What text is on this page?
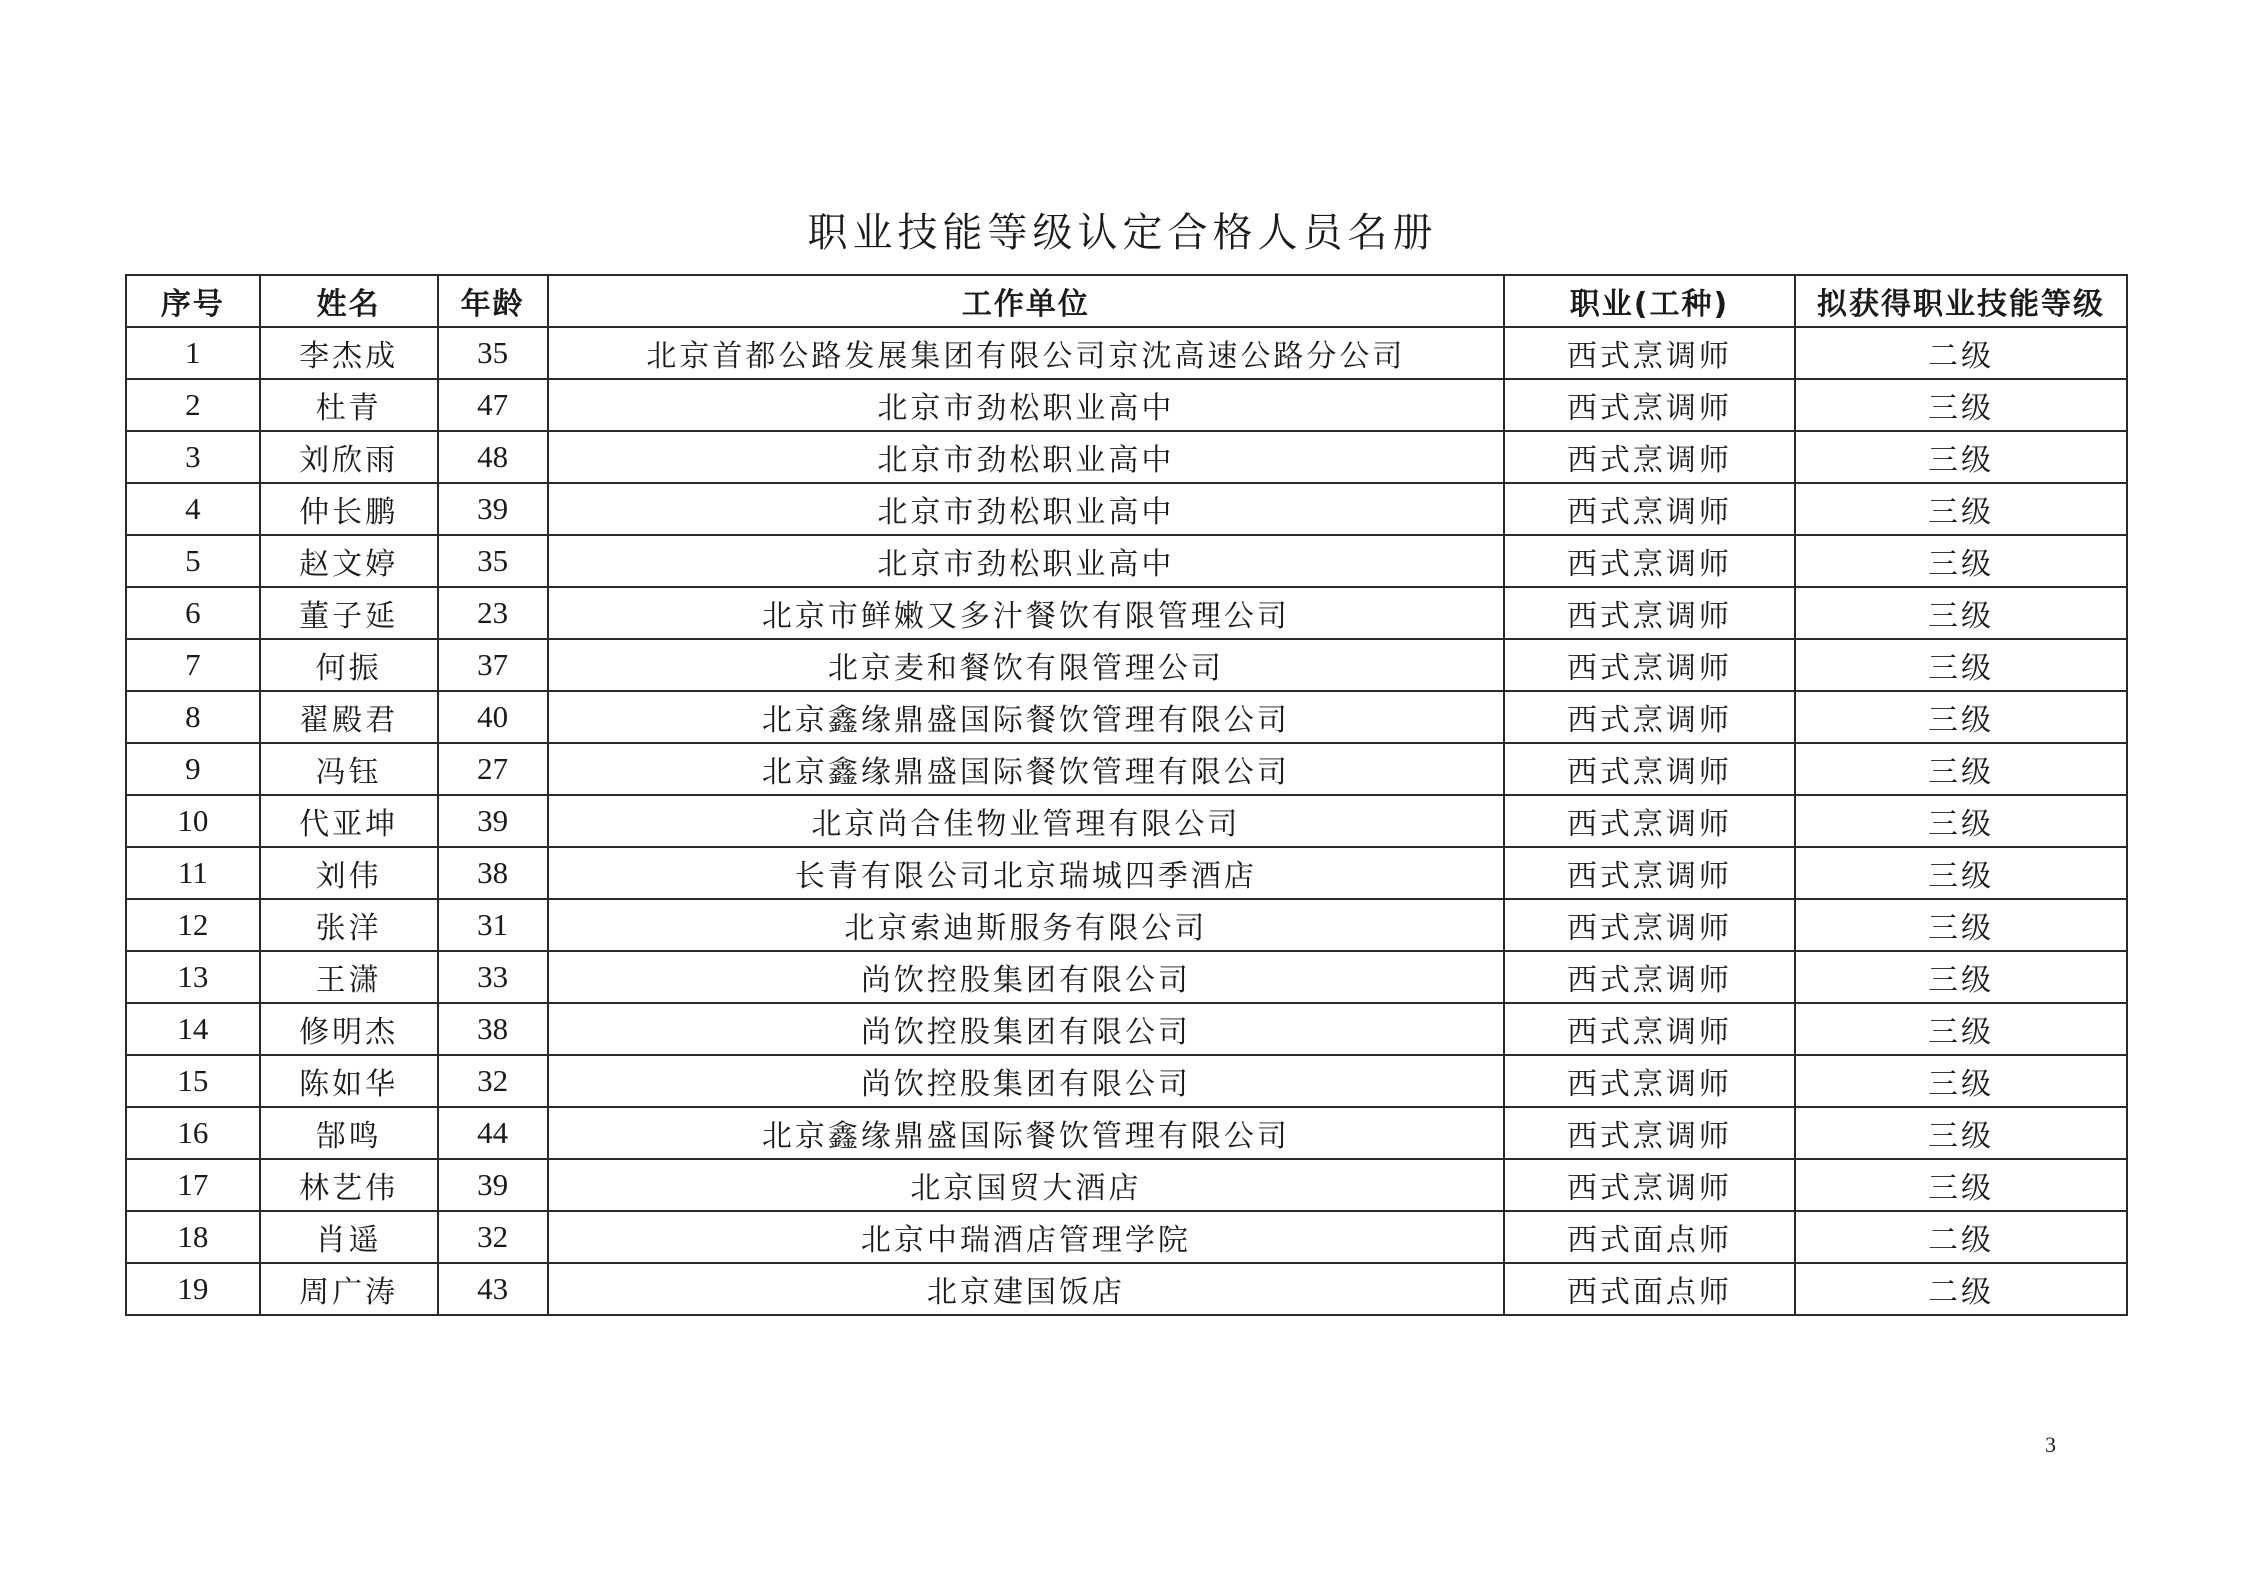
职业技能等级认定合格人员名册
序号	姓名	年龄	工作单位	职业(工种)	拟获得职业技能等级
1	李杰成	35	北京首都公路发展集团有限公司京沈高速公路分公司	西式烹调师	二级
2	杜青	47	北京市劲松职业高中	西式烹调师	三级
3	刘欣雨	48	北京市劲松职业高中	西式烹调师	三级
4	仲长鹏	39	北京市劲松职业高中	西式烹调师	三级
5	赵文婷	35	北京市劲松职业高中	西式烹调师	三级
6	董子延	23	北京市鲜嫩又多汁餐饮有限管理公司	西式烹调师	三级
7	何振	37	北京麦和餐饮有限管理公司	西式烹调师	三级
8	翟殿君	40	北京鑫缘鼎盛国际餐饮管理有限公司	西式烹调师	三级
9	冯钰	27	北京鑫缘鼎盛国际餐饮管理有限公司	西式烹调师	三级
10	代亚坤	39	北京尚合佳物业管理有限公司	西式烹调师	三级
11	刘伟	38	长青有限公司北京瑞城四季酒店	西式烹调师	三级
12	张洋	31	北京索迪斯服务有限公司	西式烹调师	三级
13	王潇	33	尚饮控股集团有限公司	西式烹调师	三级
14	修明杰	38	尚饮控股集团有限公司	西式烹调师	三级
15	陈如华	32	尚饮控股集团有限公司	西式烹调师	三级
16	郜鸣	44	北京鑫缘鼎盛国际餐饮管理有限公司	西式烹调师	三级
17	林艺伟	39	北京国贸大酒店	西式烹调师	三级
18	肖遥	32	北京中瑞酒店管理学院	西式面点师	二级
19	周广涛	43	北京建国饭店	西式面点师	二级
3
